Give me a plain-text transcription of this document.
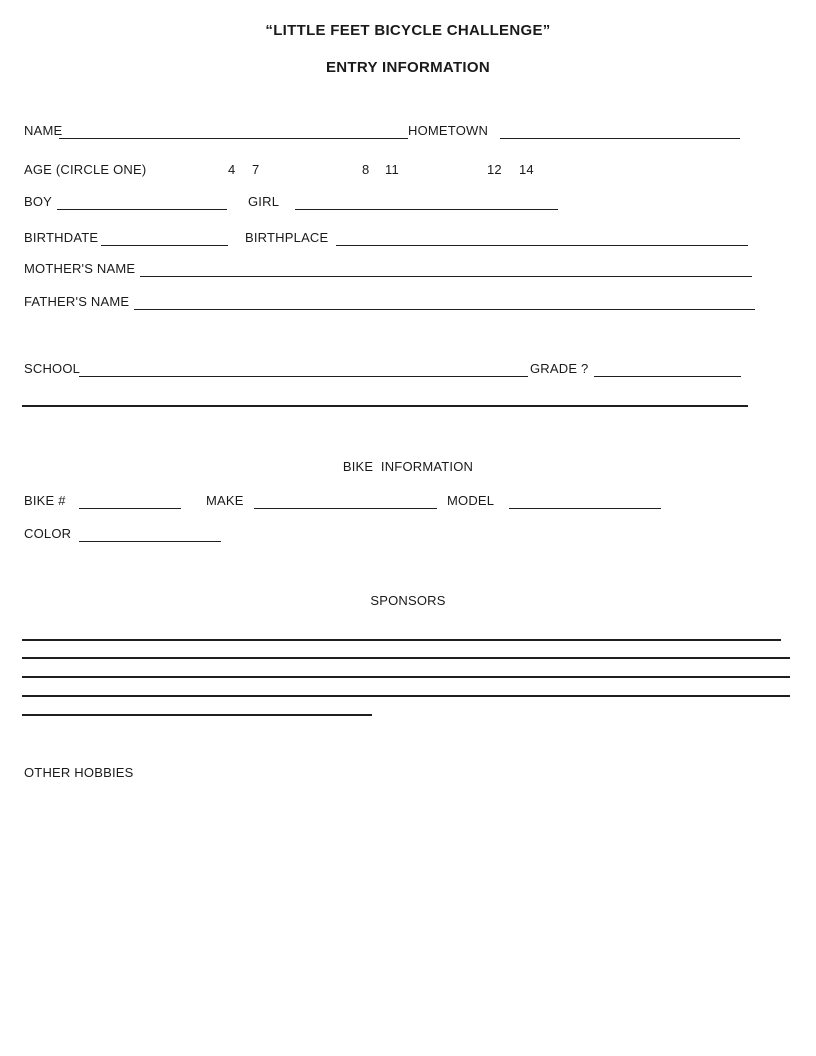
“LITTLE FEET BICYCLE CHALLENGE”
ENTRY INFORMATION
NAME	HOMETOWN
AGE (CIRCLE ONE)	4 7	8 11	12 14
BOY	GIRL
BIRTHDATE	BIRTHPLACE
MOTHER'S NAME
FATHER'S NAME
SCHOOL	GRADE ?
BIKE  INFORMATION
BIKE #	MAKE	MODEL
COLOR
SPONSORS
OTHER HOBBIES
